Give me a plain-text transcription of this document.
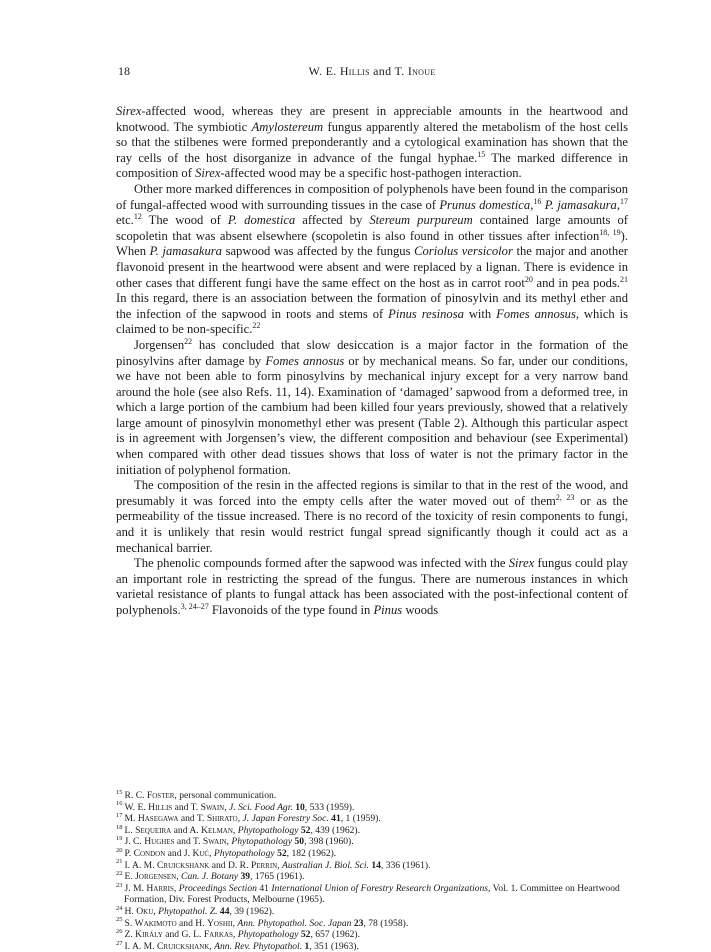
18	W. E. Hillis and T. Inoue

Sirex-affected wood, whereas they are present in appreciable amounts in the heartwood and knotwood. The symbiotic Amylostereum fungus apparently altered the metabolism of the host cells so that the stilbenes were formed preponderantly and a cytological examination has shown that the ray cells of the host disorganize in advance of the fungal hyphae.$^{15}$ The marked difference in composition of Sirex-affected wood may be a specific host-pathogen interaction.

Other more marked differences in composition of polyphenols have been found in the comparison of fungal-affected wood with surrounding tissues in the case of Prunus domestica,$^{16}$ P. jamasakura,$^{17}$ etc.$^{12}$ The wood of P. domestica affected by Stereum purpureum contained large amounts of scopoletin that was absent elsewhere (scopoletin is also found in other tissues after infection$^{18, 19}$). When P. jamasakura sapwood was affected by the fungus Coriolus versicolor the major and another flavonoid present in the heartwood were absent and were replaced by a lignan. There is evidence in other cases that different fungi have the same effect on the host as in carrot root$^{20}$ and in pea pods.$^{21}$ In this regard, there is an association between the formation of pinosylvin and its methyl ether and the infection of the sapwood in roots and stems of Pinus resinosa with Fomes annosus, which is claimed to be non-specific.$^{22}$

Jorgensen$^{22}$ has concluded that slow desiccation is a major factor in the formation of the pinosylvins after damage by Fomes annosus or by mechanical means. So far, under our conditions, we have not been able to form pinosylvins by mechanical injury except for a very narrow band around the hole (see also Refs. 11, 14). Examination of ‘damaged’ sapwood from a deformed tree, in which a large portion of the cambium had been killed four years previously, showed that a relatively large amount of pinosylvin monomethyl ether was present (Table 2). Although this particular aspect is in agreement with Jorgensen’s view, the different composition and behaviour (see Experimental) when compared with other dead tissues shows that loss of water is not the primary factor in the initiation of polyphenol formation.

The composition of the resin in the affected regions is similar to that in the rest of the wood, and presumably it was forced into the empty cells after the water moved out of them$^{2, 23}$ or as the permeability of the tissue increased. There is no record of the toxicity of resin components to fungi, and it is unlikely that resin would restrict fungal spread significantly though it could act as a mechanical barrier.

The phenolic compounds formed after the sapwood was infected with the Sirex fungus could play an important role in restricting the spread of the fungus. There are numerous instances in which varietal resistance of plants to fungal attack has been associated with the post-infectional content of polyphenols.$^{3, 24-27}$ Flavonoids of the type found in Pinus woods

$^{15}$ R. C. Foster, personal communication.
$^{16}$ W. E. Hillis and T. Swain, J. Sci. Food Agr. 10, 533 (1959).
$^{17}$ M. Hasegawa and T. Shirato, J. Japan Forestry Soc. 41, 1 (1959).
$^{18}$ L. Sequeira and A. Kelman, Phytopathology 52, 439 (1962).
$^{19}$ J. C. Hughes and T. Swain, Phytopathology 50, 398 (1960).
$^{20}$ P. Condon and J. Kuć, Phytopathology 52, 182 (1962).
$^{21}$ I. A. M. Cruickshank and D. R. Perrin, Australian J. Biol. Sci. 14, 336 (1961).
$^{22}$ E. Jorgensen, Can. J. Botany 39, 1765 (1961).
$^{23}$ J. M. Harris, Proceedings Section 41 International Union of Forestry Research Organizations, Vol. 1. Committee on Heartwood Formation, Div. Forest Products, Melbourne (1965).
$^{24}$ H. Oku, Phytopathol. Z. 44, 39 (1962).
$^{25}$ S. Wakimoto and H. Yoshii, Ann. Phytopathol. Soc. Japan 23, 78 (1958).
$^{26}$ Z. Király and G. L. Farkas, Phytopathology 52, 657 (1962).
$^{27}$ I. A. M. Cruickshank, Ann. Rev. Phytopathol. 1, 351 (1963).
